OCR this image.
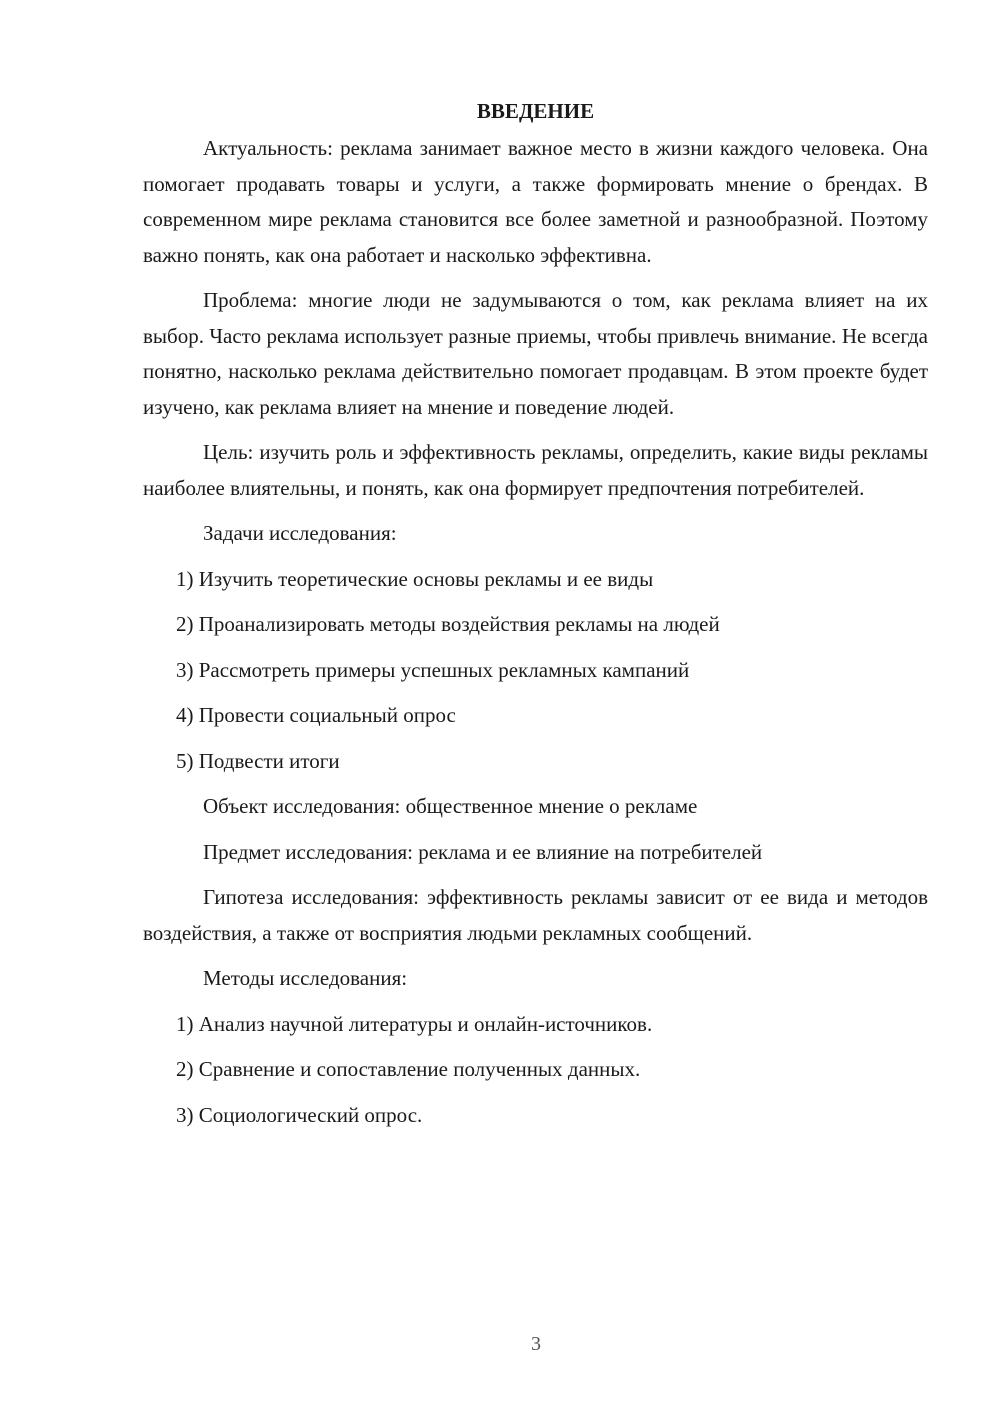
ВВЕДЕНИЕ

Актуальность: реклама занимает важное место в жизни каждого человека. Она помогает продавать товары и услуги, а также формировать мнение о брендах. В современном мире реклама становится все более заметной и разнообразной. Поэтому важно понять, как она работает и насколько эффективна.

Проблема: многие люди не задумываются о том, как реклама влияет на их выбор. Часто реклама использует разные приемы, чтобы привлечь внимание. Не всегда понятно, насколько реклама действительно помогает продавцам. В этом проекте будет изучено, как реклама влияет на мнение и поведение людей.

Цель: изучить роль и эффективность рекламы, определить, какие виды рекламы наиболее влиятельны, и понять, как она формирует предпочтения потребителей.

Задачи исследования:
1) Изучить теоретические основы рекламы и ее виды
2) Проанализировать методы воздействия рекламы на людей
3) Рассмотреть примеры успешных рекламных кампаний
4) Провести социальный опрос
5) Подвести итоги
Объект исследования: общественное мнение о рекламе
Предмет исследования: реклама и ее влияние на потребителей

Гипотеза исследования: эффективность рекламы зависит от ее вида и методов воздействия, а также от восприятия людьми рекламных сообщений.

Методы исследования:
1) Анализ научной литературы и онлайн-источников.
2) Сравнение и сопоставление полученных данных.
3) Социологический опрос.
3
